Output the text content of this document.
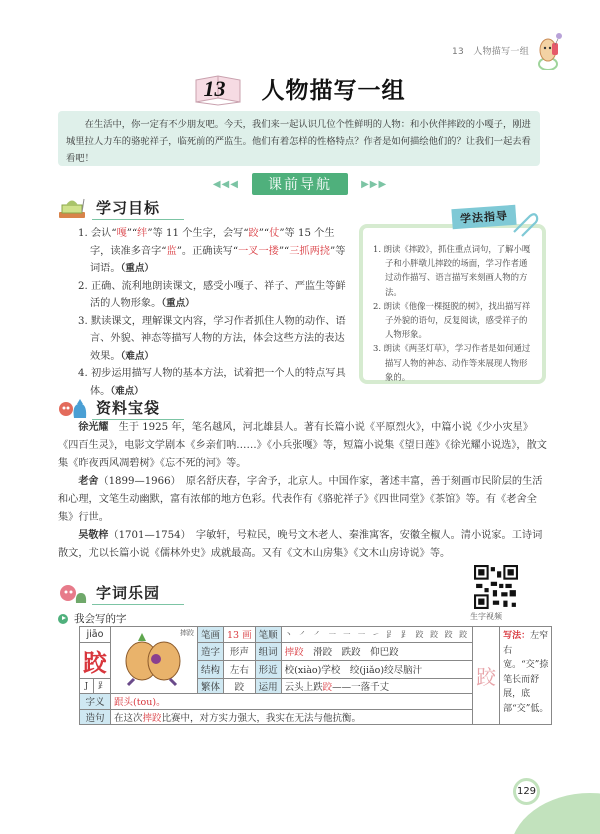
13 人物描写一组
13 人物描写一组

在生活中，你一定有不少朋友吧。今天，我们来一起认识几位个性鲜明的人物：和小伙伴摔跤的小嘎子，刚进城里拉人力车的骆驼祥子，临死前的严监生。他们有着怎样的性格特点？作者是如何描绘他们的？让我们一起去看看吧！

◀◀◀ 课前导航	▶▶▶
学习目标
1. 会认“嘎”“绊”等 11 个生字，会写“跤”“仗”等 15 个生字，读准多音字“监”。正确读写“一叉一搂”“三抓两挠”等词语。（重点）
2. 正确、流利地朗读课文，感受小嘎子、祥子、严监生等鲜活的人物形象。（重点）
3. 默读课文，理解课文内容，学习作者抓住人物的动作、语言、外貌、神态等描写人物的方法，体会这些方法的表达效果。（难点）
4. 初步运用描写人物的基本方法，试着把一个人的特点写具体。（难点）
1. 朗读《摔跤》，抓住重点词句，了解小嘎子和小胖墩儿摔跤的场面，学习作者通过动作描写、语言描写来刻画人物的方法。
2. 朗读《他像一棵挺脱的树》，找出描写祥子外貌的语句，反复阅读，感受祥子的人物形象。
3. 朗读《两茎灯草》，学习作者是如何通过描写人物的神态、动作等来展现人物形象的。
学法指导
资料宝袋

徐光耀　生于 1925 年，笔名越风，河北雄县人。著有长篇小说《平原烈火》，中篇小说《少小灾星》《四百生灵》，电影文学剧本《乡亲们呐……》《小兵张嘎》等，短篇小说集《望日莲》《徐光耀小说选》，散文集《昨夜西风凋碧树》《忘不死的河》等。

老舍（1899—1966）　原名舒庆春，字舍予，北京人。中国作家，著述丰富，善于刻画市民阶层的生活和心理，文笔生动幽默，富有浓郁的地方色彩。代表作有《骆驼祥子》《四世同堂》《茶馆》等。有《老舍全集》行世。

吴敬梓（1701—1754）　字敏轩，号粒民，晚号文木老人、秦淮寓客，安徽全椒人。清小说家。工诗词散文，尤以长篇小说《儒林外史》成就最高。又有《文木山房集》《文木山房诗说》等。

字词乐园
生字视频
我会写的字
jiāo		摔跤	笔画	13 画	笔顺	丶 ㇒ ㇒ ㇐ ㇐ ㇐ ㇀ 𧾷 𧾷 跤 跤 跤 跤	跤	写法：左窄右宽。“交”捺笔长而舒展，底部“交”低。
跤			造字	形声	组词	摔跤　滑跤　跌跤　仰巴跤		
			结构	左右	形近	校(xiào)学校　绞(jiǎo)绞尽脑汁		
J	𧾷		繁体	跤	运用	云头上跌跤——一落千丈		
字义		跟头(tou)。						
造句		在这次摔跤比赛中，对方实力强大，我实在无法与他抗衡。						
129
